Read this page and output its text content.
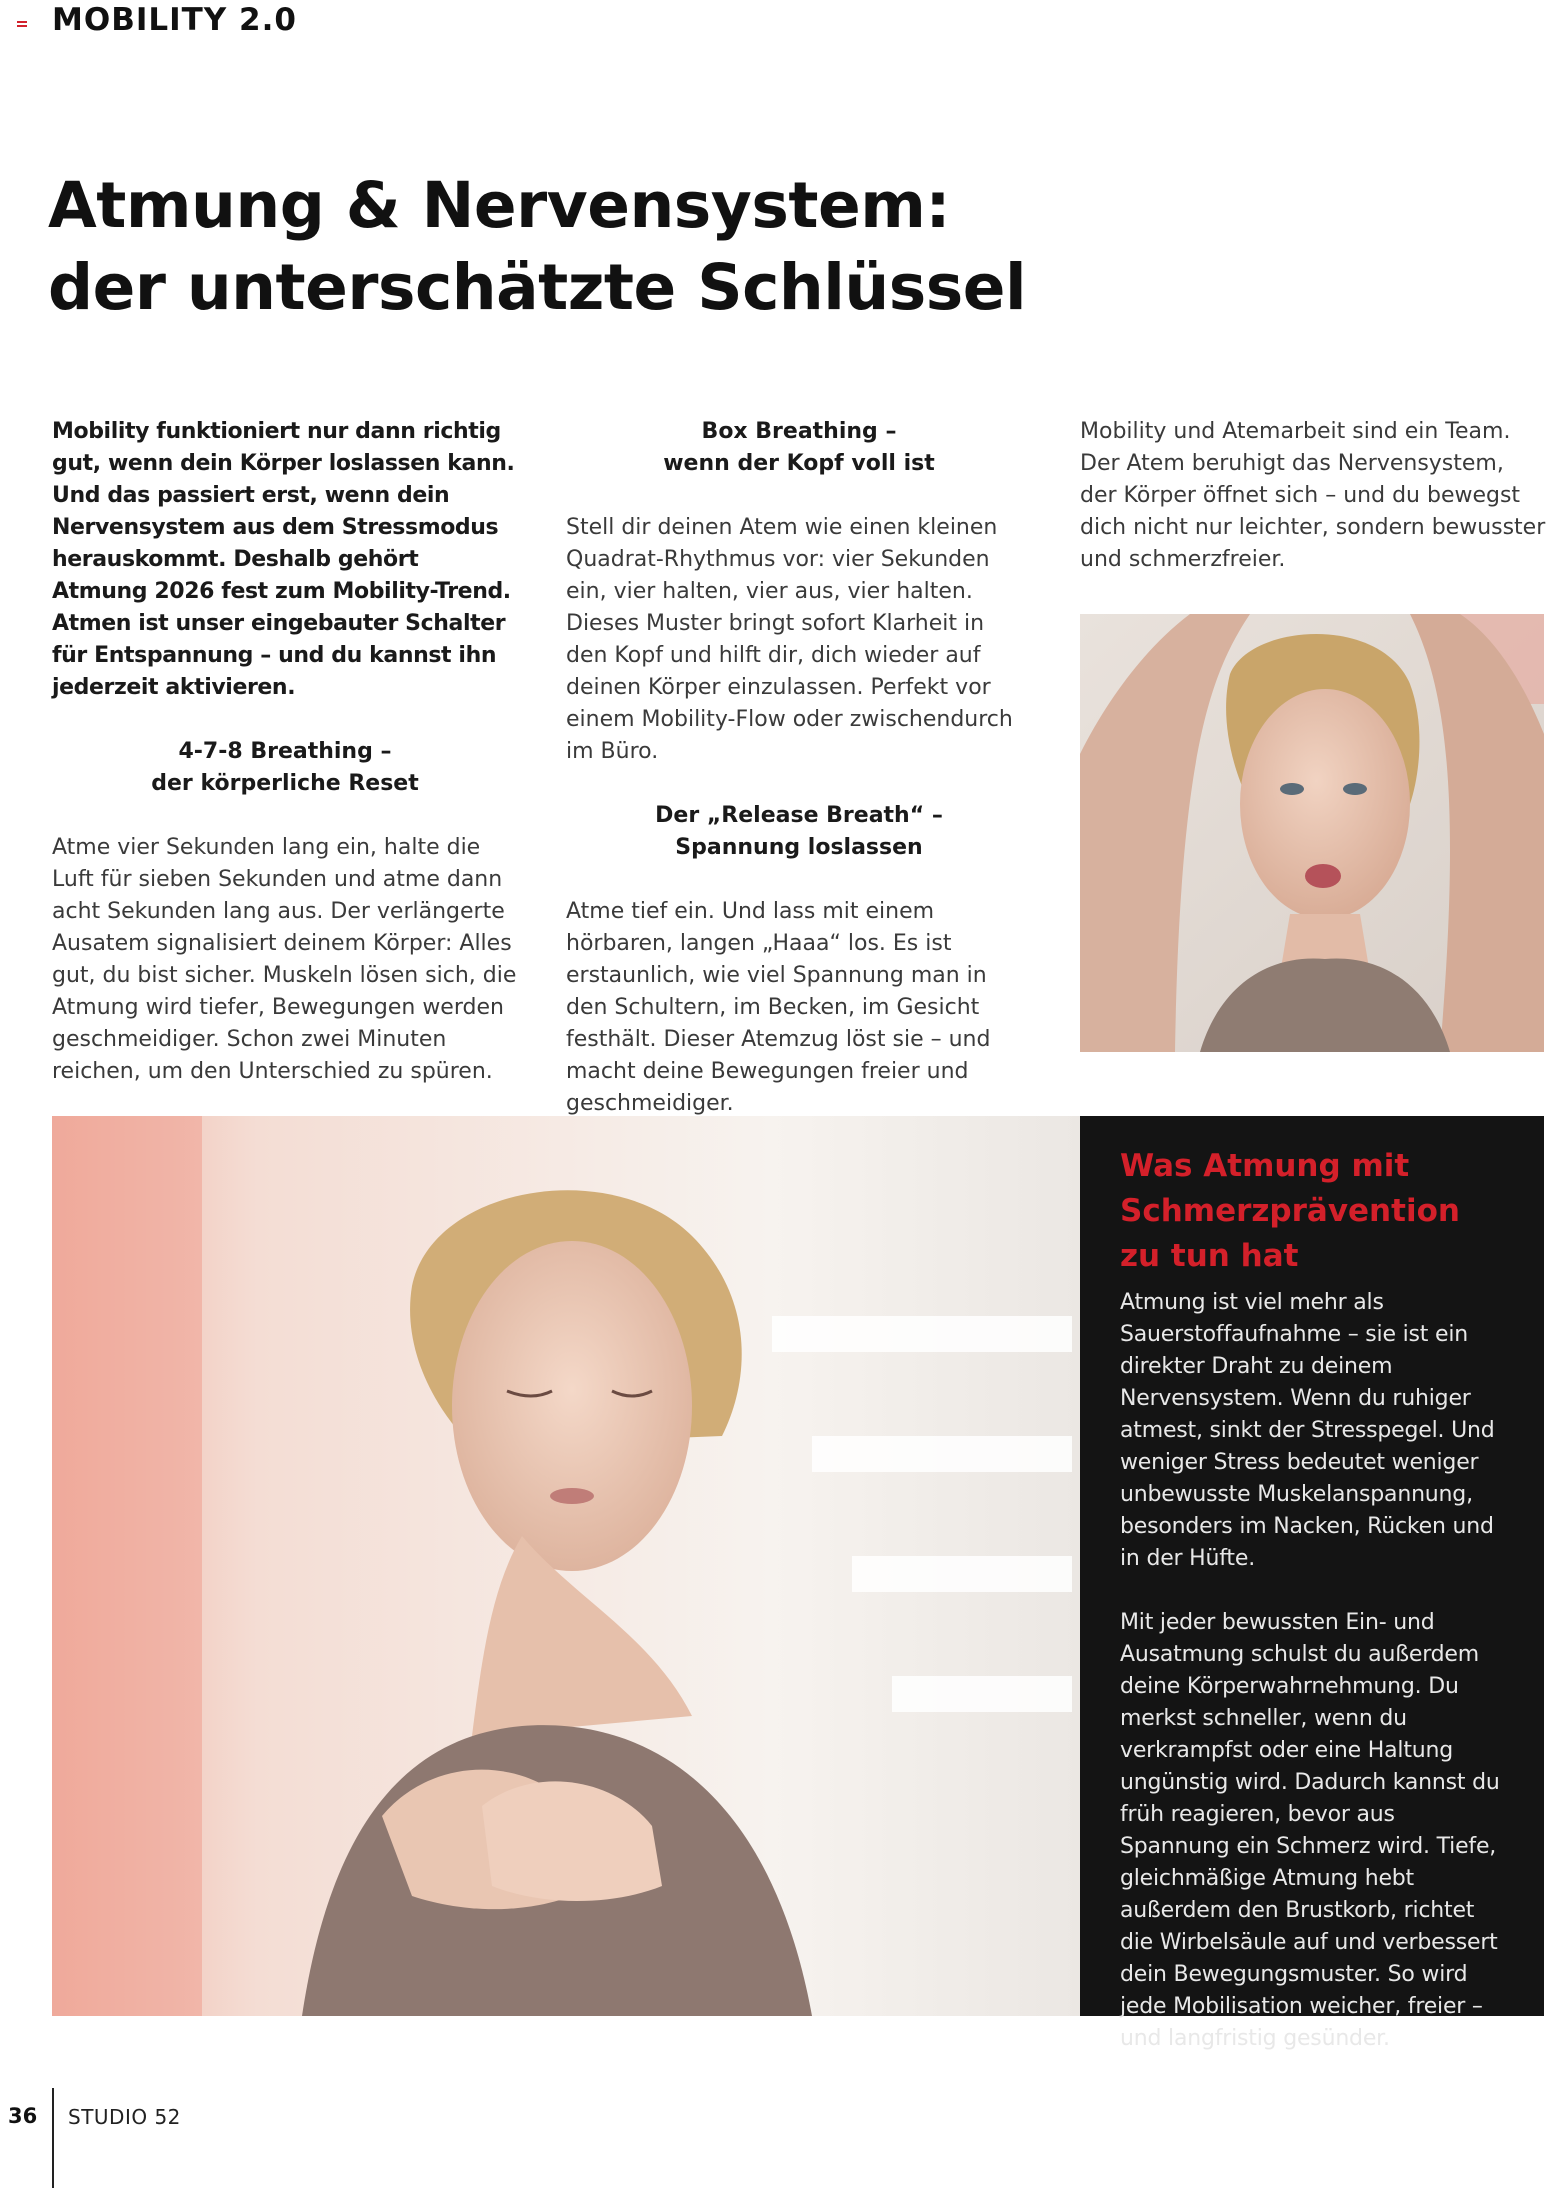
MOBILITY 2.0
Atmung & Nervensystem:
der unterschätzte Schlüssel

Mobility funktioniert nur dann richtig gut, wenn dein Körper loslassen kann. Und das passiert erst, wenn dein Nervensystem aus dem Stressmodus herauskommt. Deshalb gehört Atmung 2026 fest zum Mobility-Trend. Atmen ist unser eingebauter Schalter für Entspannung – und du kannst ihn jederzeit aktivieren.

4-7-8 Breathing –
der körperliche Reset

Atme vier Sekunden lang ein, halte die Luft für sieben Sekunden und atme dann acht Sekunden lang aus. Der verlängerte Ausatem signalisiert deinem Körper: Alles gut, du bist sicher. Muskeln lösen sich, die Atmung wird tiefer, Bewegungen werden geschmeidiger. Schon zwei Minuten reichen, um den Unterschied zu spüren.

Box Breathing –
wenn der Kopf voll ist

Stell dir deinen Atem wie einen kleinen Quadrat-Rhythmus vor: vier Sekunden ein, vier halten, vier aus, vier halten. Dieses Muster bringt sofort Klarheit in den Kopf und hilft dir, dich wieder auf deinen Körper einzulassen. Perfekt vor einem Mobility-Flow oder zwischendurch im Büro.

Der „Release Breath“ –
Spannung loslassen

Atme tief ein. Und lass mit einem hörbaren, langen „Haaa“ los. Es ist erstaunlich, wie viel Spannung man in den Schultern, im Becken, im Gesicht festhält. Dieser Atemzug löst sie – und macht deine Bewegungen freier und geschmeidiger.

Mobility und Atemarbeit sind ein Team. Der Atem beruhigt das Nervensystem, der Körper öffnet sich – und du bewegst dich nicht nur leichter, sondern bewusster und schmerzfreier.

Was Atmung mit
Schmerzprävention
zu tun hat

Atmung ist viel mehr als Sauerstoffaufnahme – sie ist ein direkter Draht zu deinem Nervensystem. Wenn du ruhiger atmest, sinkt der Stresspegel. Und weniger Stress bedeutet weniger unbewusste Muskelanspannung, besonders im Nacken, Rücken und in der Hüfte.

Mit jeder bewussten Ein- und Ausatmung schulst du außerdem deine Körperwahrnehmung. Du merkst schneller, wenn du verkrampfst oder eine Haltung ungünstig wird. Dadurch kannst du früh reagieren, bevor aus Spannung ein Schmerz wird. Tiefe, gleichmäßige Atmung hebt außerdem den Brustkorb, richtet die Wirbelsäule auf und verbessert dein Bewegungsmuster. So wird jede Mobilisation weicher, freier – und langfristig gesünder.

36 STUDIO 52
